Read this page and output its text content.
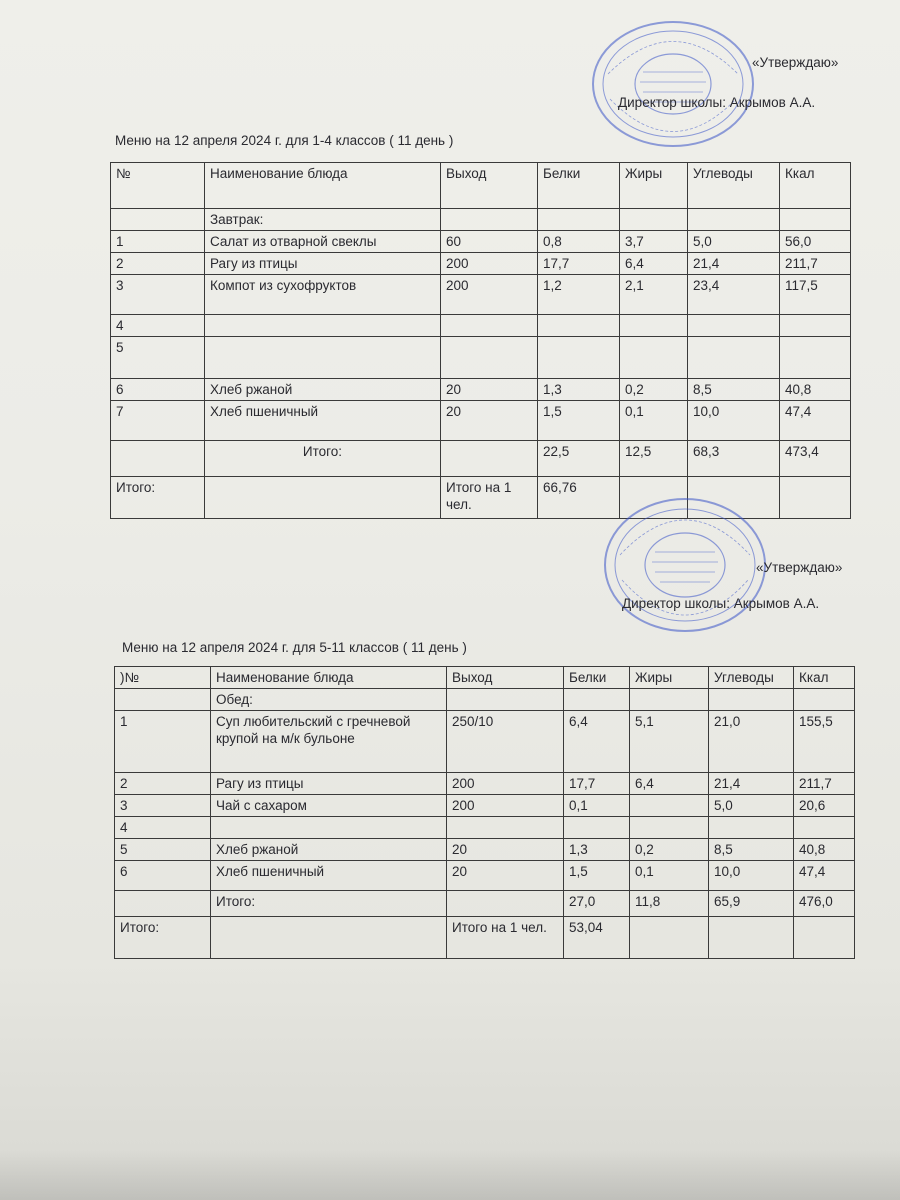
«Утверждаю»
Директор школы: Акрымов А.А.
Меню на 12 апреля 2024 г. для 1-4 классов ( 11 день )
№	Наименование блюда	Выход	Белки	Жиры	Углеводы	Ккал
	Завтрак:					
1	Салат из отварной свеклы	60	0,8	3,7	5,0	56,0
2	Рагу из птицы	200	17,7	6,4	21,4	211,7
3	Компот из сухофруктов	200	1,2	2,1	23,4	117,5
4						
5						
6	Хлеб ржаной	20	1,3	0,2	8,5	40,8
7	Хлеб пшеничный	20	1,5	0,1	10,0	47,4
	Итого:		22,5	12,5	68,3	473,4
Итого:		Итого на 1 чел.	66,76			
«Утверждаю»
Директор школы: Акрымов А.А.
Меню на 12 апреля 2024 г. для 5-11 классов ( 11 день )
)№	Наименование блюда	Выход	Белки	Жиры	Углеводы	Ккал
	Обед:					
1	Суп любительский с гречневой крупой на м/к бульоне	250/10	6,4	5,1	21,0	155,5
2	Рагу из птицы	200	17,7	6,4	21,4	211,7
3	Чай с сахаром	200	0,1		5,0	20,6
4						
5	Хлеб ржаной	20	1,3	0,2	8,5	40,8
6	Хлеб пшеничный	20	1,5	0,1	10,0	47,4
	Итого:		27,0	11,8	65,9	476,0
Итого:		Итого на 1 чел.	53,04			
